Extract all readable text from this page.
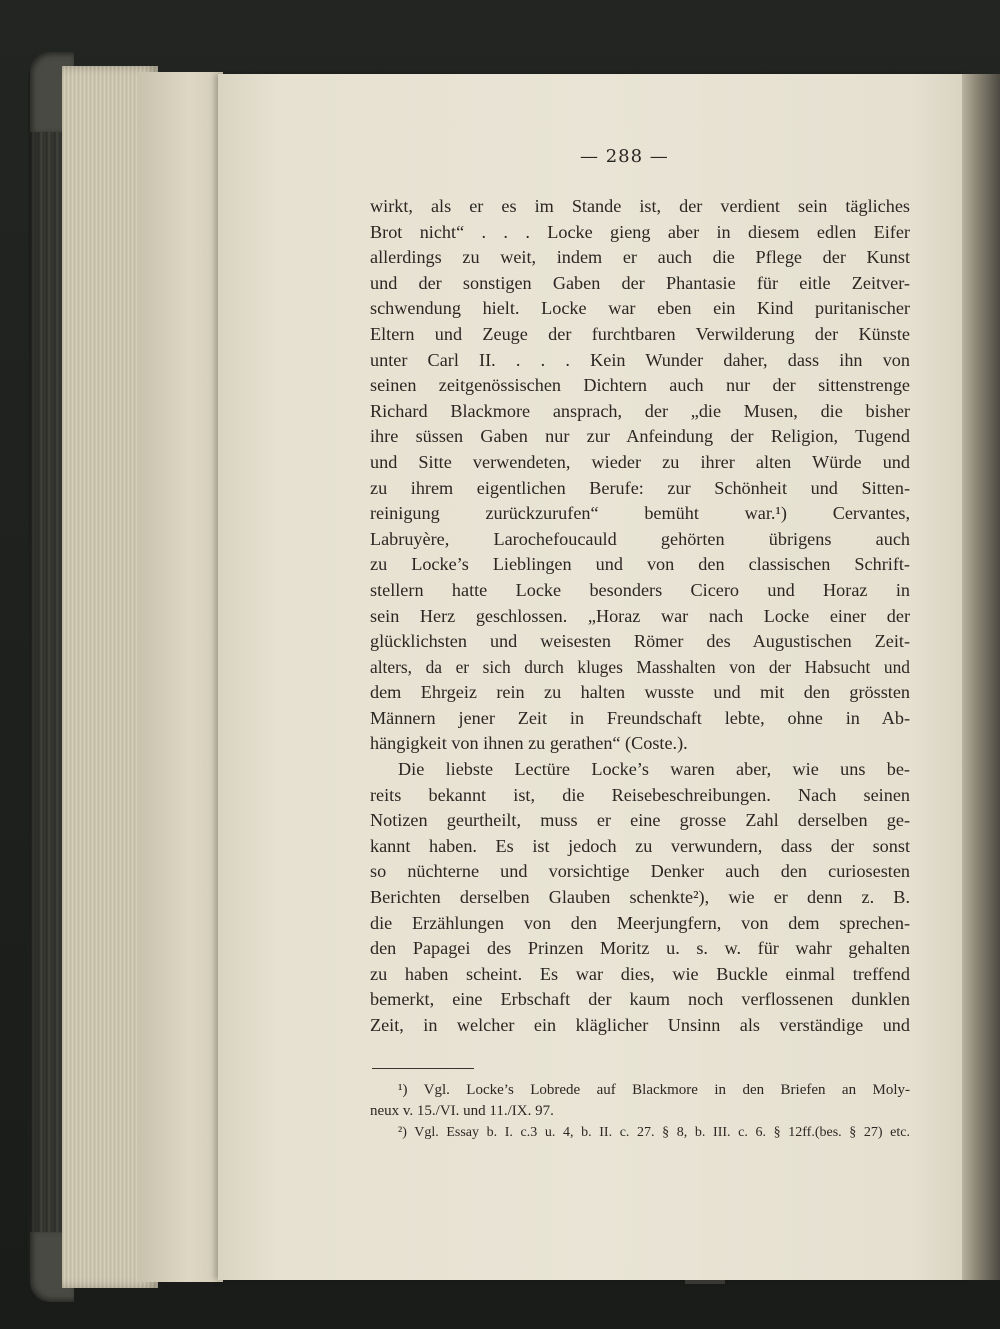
— 288 —
wirkt, als er es im Stande ist, der verdient sein tägliches
Brot nicht“ . . . Locke gieng aber in diesem edlen Eifer
allerdings zu weit, indem er auch die Pflege der Kunst
und der sonstigen Gaben der Phantasie für eitle Zeitver-
schwendung hielt. Locke war eben ein Kind puritanischer
Eltern und Zeuge der furchtbaren Verwilderung der Künste
unter Carl II. . . . Kein Wunder daher, dass ihn von
seinen zeitgenössischen Dichtern auch nur der sittenstrenge
Richard Blackmore ansprach, der „die Musen, die bisher
ihre süssen Gaben nur zur Anfeindung der Religion, Tugend
und Sitte verwendeten, wieder zu ihrer alten Würde und
zu ihrem eigentlichen Berufe: zur Schönheit und Sitten-
reinigung zurückzurufen“ bemüht war.¹) Cervantes,
Labruyère, Larochefoucauld gehörten übrigens auch
zu Locke’s Lieblingen und von den classischen Schrift-
stellern hatte Locke besonders Cicero und Horaz in
sein Herz geschlossen. „Horaz war nach Locke einer der
glücklichsten und weisesten Römer des Augustischen Zeit-
alters, da er sich durch kluges Masshalten von der Habsucht und
dem Ehrgeiz rein zu halten wusste und mit den grössten
Männern jener Zeit in Freundschaft lebte, ohne in Ab-
hängigkeit von ihnen zu gerathen“ (Coste.).
Die liebste Lectüre Locke’s waren aber, wie uns be-
reits bekannt ist, die Reisebeschreibungen. Nach seinen
Notizen geurtheilt, muss er eine grosse Zahl derselben ge-
kannt haben. Es ist jedoch zu verwundern, dass der sonst
so nüchterne und vorsichtige Denker auch den curiosesten
Berichten derselben Glauben schenkte²), wie er denn z. B.
die Erzählungen von den Meerjungfern, von dem sprechen-
den Papagei des Prinzen Moritz u. s. w. für wahr gehalten
zu haben scheint. Es war dies, wie Buckle einmal treffend
bemerkt, eine Erbschaft der kaum noch verflossenen dunklen
Zeit, in welcher ein kläglicher Unsinn als verständige und
¹) Vgl. Locke’s Lobrede auf Blackmore in den Briefen an Moly-
neux v. 15./VI. und 11./IX. 97.
²) Vgl. Essay b. I. c.3 u. 4, b. II. c. 27. § 8, b. III. c. 6. § 12ff.(bes. § 27) etc.
